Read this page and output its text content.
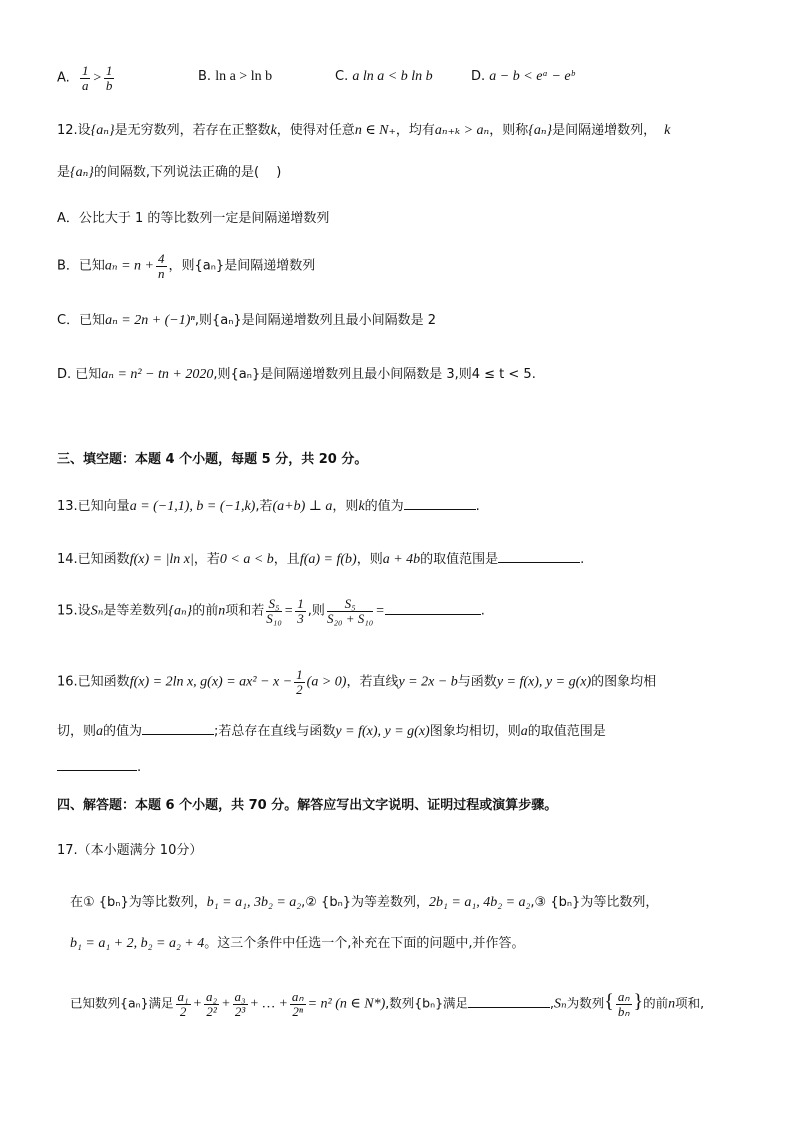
A. $\frac{1}{a} > \frac{1}{b}$	B. ln a > ln b	C. a ln a < b ln b	D. a − b < eᵃ − eᵇ
12.设{aₙ}是无穷数列，若存在正整数k，使得对任意n ∈ N₊，均有aₙ₊ₖ > aₙ，则称{aₙ}是间隔递增数列， k
是{aₙ}的间隔数,下列说法正确的是(　 )
A．公比大于 1 的等比数列一定是间隔递增数列
B．已知$a_n = n + \frac{4}{n}$ ，则{aₙ}是间隔递增数列
C．已知aₙ = 2n + (−1)ⁿ,则{aₙ}是间隔递增数列且最小间隔数是 2
D. 已知aₙ = n² − tn + 2020,则{aₙ}是间隔递增数列且最小间隔数是 3,则4 ≤ t < 5.
三、填空题：本题 4 个小题，每题 5 分，共 20 分。
13.已知向量a = (−1,1), b = (−1,k),若(a+b) ⊥ a，则k的值为	.
14.已知函数f(x) = |ln x|，若0 < a < b，且f(a) = f(b)，则a + 4b的取值范围是	.
15.设Sₙ是等差数列{aₙ}的前n项和若 $\frac{\text{S₅}}{\text{S₁₀}} = \frac{1}{3}$ ,则 $\frac{\text{S₅}}{\text{S₂₀ + S₁₀}}$ =	.
16.已知函数f(x) = 2ln x, $g(x) = ax^2 - x - \frac{1}{2} (a > 0)$，若直线y = 2x − b与函数y = f(x), y = g(x)的图象均相
切，则a的值为	;若总存在直线与函数y = f(x), y = g(x)图象均相切，则a的取值范围是
.
四、解答题：本题 6 个小题，共 70 分。解答应写出文字说明、证明过程或演算步骤。
17.（本小题满分 10分）
在① {bₙ}为等比数列，b₁ = a₁, 3b₂ = a₂,② {bₙ}为等差数列，2b₁ = a₁, 4b₂ = a₂,③ {bₙ}为等比数列，
b₁ = a₁ + 2, b₂ = a₂ + 4。这三个条件中任选一个,补充在下面的问题中,并作答。
已知数列{aₙ}满足 $\frac{\text{a₁}}{2} + \frac{\text{a₂}}{\text{2²}} + \frac{\text{a₃}}{\text{2³}}$ + … + $\frac{\text{aₙ}}{\text{2ⁿ}} = n^2$ (n ∈ N*),数列{bₙ}满足	,Sₙ为数列{ $\frac{\text{aₙ}}{\text{bₙ}}$ }的前n项和,
